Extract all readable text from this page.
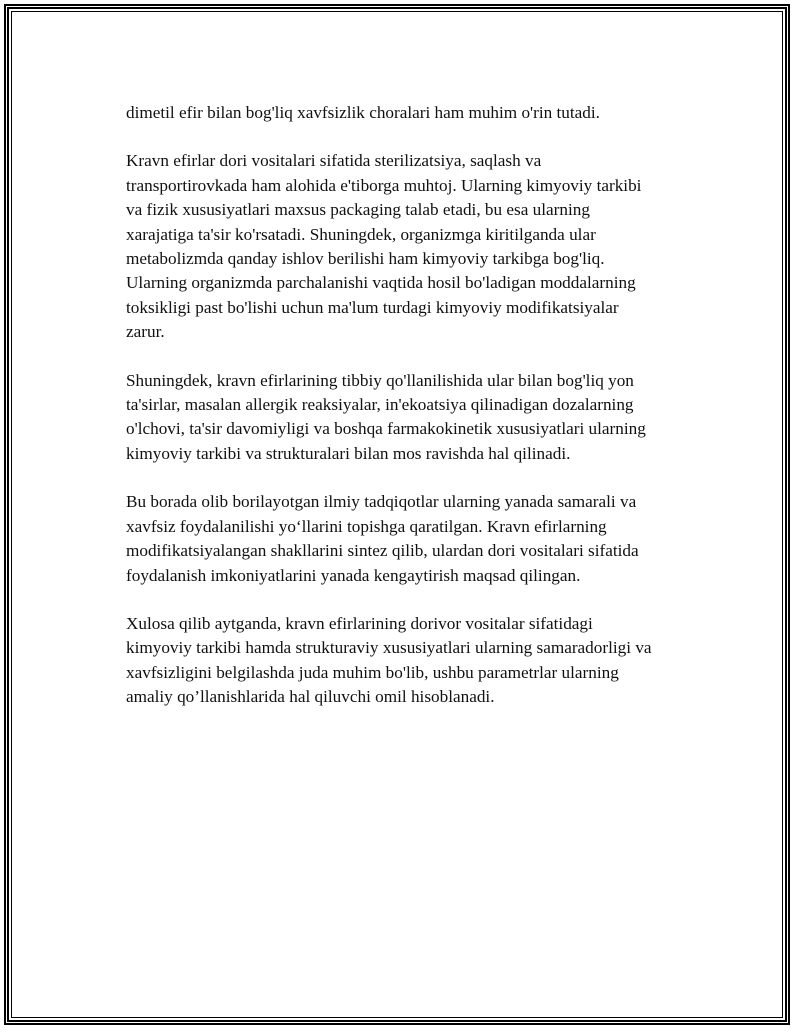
dimetil efir bilan bog'liq xavfsizlik choralari ham muhim o'rin tutadi.

Kravn efirlar dori vositalari sifatida sterilizatsiya, saqlash va
transportirovkada ham alohida e'tiborga muhtoj. Ularning kimyoviy tarkibi
va fizik xususiyatlari maxsus packaging talab etadi, bu esa ularning
xarajatiga ta'sir ko'rsatadi. Shuningdek, organizmga kiritilganda ular
metabolizmda qanday ishlov berilishi ham kimyoviy tarkibga bog'liq.
Ularning organizmda parchalanishi vaqtida hosil bo'ladigan moddalarning
toksikligi past bo'lishi uchun ma'lum turdagi kimyoviy modifikatsiyalar
zarur.

Shuningdek, kravn efirlarining tibbiy qo'llanilishida ular bilan bog'liq yon
ta'sirlar, masalan allergik reaksiyalar, in'ekoatsiya qilinadigan dozalarning
o'lchovi, ta'sir davomiyligi va boshqa farmakokinetik xususiyatlari ularning
kimyoviy tarkibi va strukturalari bilan mos ravishda hal qilinadi.

Bu borada olib borilayotgan ilmiy tadqiqotlar ularning yanada samarali va
xavfsiz foydalanilishi yo‘llarini topishga qaratilgan. Kravn efirlarning
modifikatsiyalangan shakllarini sintez qilib, ulardan dori vositalari sifatida
foydalanish imkoniyatlarini yanada kengaytirish maqsad qilingan.

Xulosa qilib aytganda, kravn efirlarining dorivor vositalar sifatidagi
kimyoviy tarkibi hamda strukturaviy xususiyatlari ularning samaradorligi va
xavfsizligini belgilashda juda muhim bo'lib, ushbu parametrlar ularning
amaliy qo’llanishlarida hal qiluvchi omil hisoblanadi.
